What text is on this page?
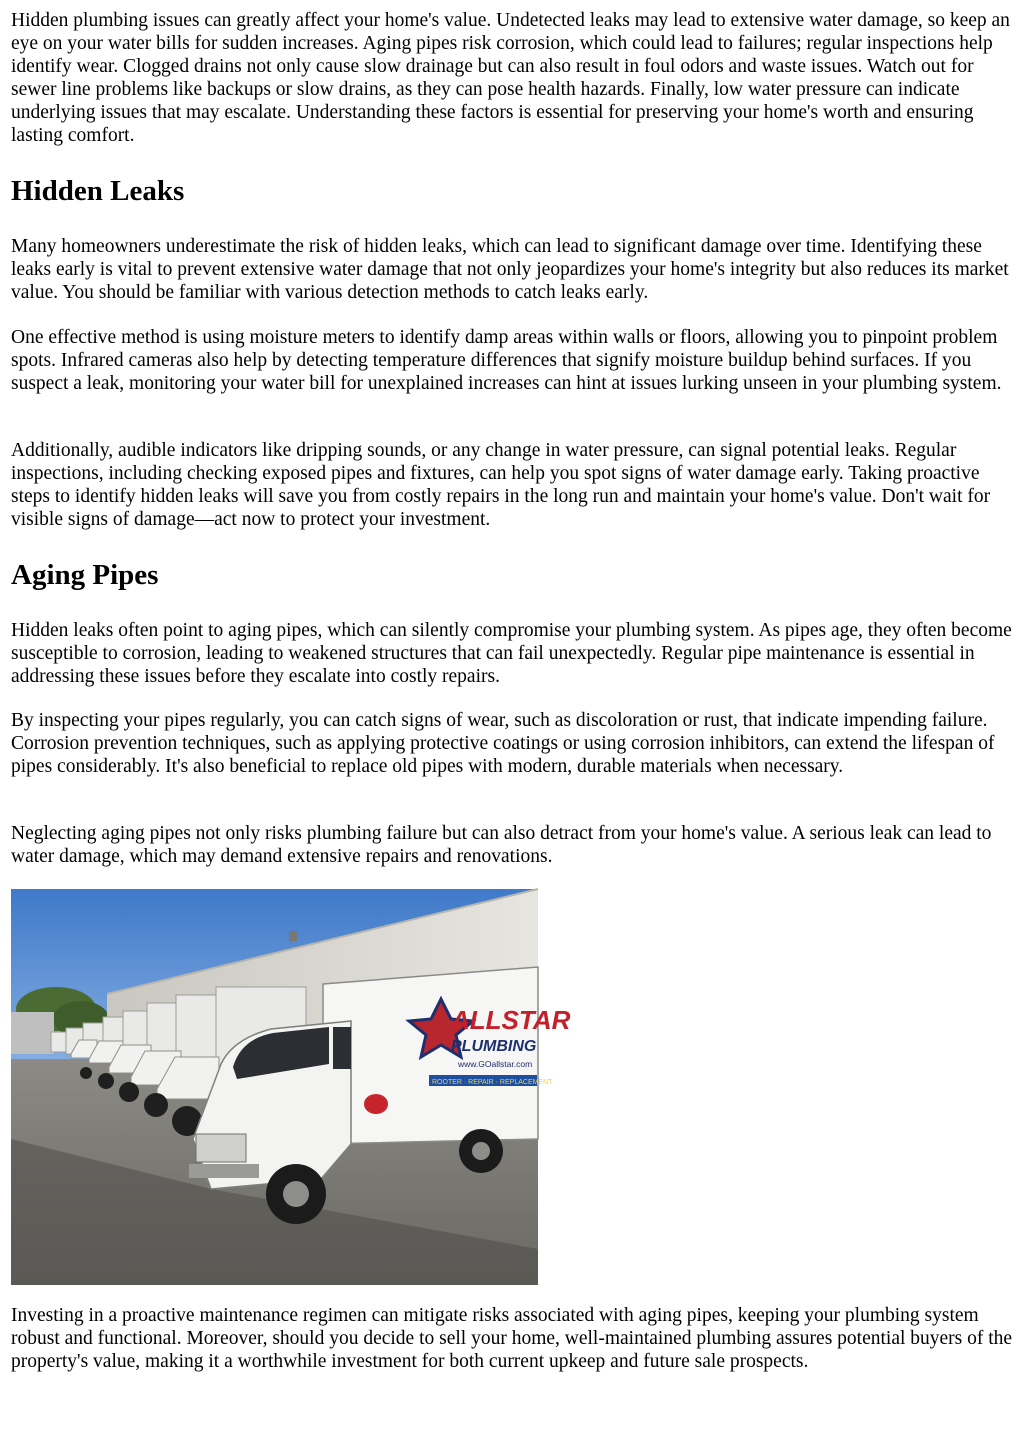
Hidden plumbing issues can greatly affect your home's value. Undetected leaks may lead to extensive water damage, so keep an eye on your water bills for sudden increases. Aging pipes risk corrosion, which could lead to failures; regular inspections help identify wear. Clogged drains not only cause slow drainage but can also result in foul odors and waste issues. Watch out for sewer line problems like backups or slow drains, as they can pose health hazards. Finally, low water pressure can indicate underlying issues that may escalate. Understanding these factors is essential for preserving your home's worth and ensuring lasting comfort.

Hidden Leaks

Many homeowners underestimate the risk of hidden leaks, which can lead to significant damage over time. Identifying these leaks early is vital to prevent extensive water damage that not only jeopardizes your home's integrity but also reduces its market value. You should be familiar with various detection methods to catch leaks early.

One effective method is using moisture meters to identify damp areas within walls or floors, allowing you to pinpoint problem spots. Infrared cameras also help by detecting temperature differences that signify moisture buildup behind surfaces. If you suspect a leak, monitoring your water bill for unexplained increases can hint at issues lurking unseen in your plumbing system.

Additionally, audible indicators like dripping sounds, or any change in water pressure, can signal potential leaks. Regular inspections, including checking exposed pipes and fixtures, can help you spot signs of water damage early. Taking proactive steps to identify hidden leaks will save you from costly repairs in the long run and maintain your home's value. Don't wait for visible signs of damage—act now to protect your investment.

Aging Pipes

Hidden leaks often point to aging pipes, which can silently compromise your plumbing system. As pipes age, they often become susceptible to corrosion, leading to weakened structures that can fail unexpectedly. Regular pipe maintenance is essential in addressing these issues before they escalate into costly repairs.

By inspecting your pipes regularly, you can catch signs of wear, such as discoloration or rust, that indicate impending failure. Corrosion prevention techniques, such as applying protective coatings or using corrosion inhibitors, can extend the lifespan of pipes considerably. It's also beneficial to replace old pipes with modern, durable materials when necessary.

Neglecting aging pipes not only risks plumbing failure but can also detract from your home's value. A serious leak can lead to water damage, which may demand extensive repairs and renovations.

Investing in a proactive maintenance regimen can mitigate risks associated with aging pipes, keeping your plumbing system robust and functional. Moreover, should you decide to sell your home, well-maintained plumbing assures potential buyers of the property's value, making it a worthwhile investment for both current upkeep and future sale prospects.

ALLSTAR
PLUMBING
www.GOallstar.com
ROOTER · REPAIR · REPLACEMENT
